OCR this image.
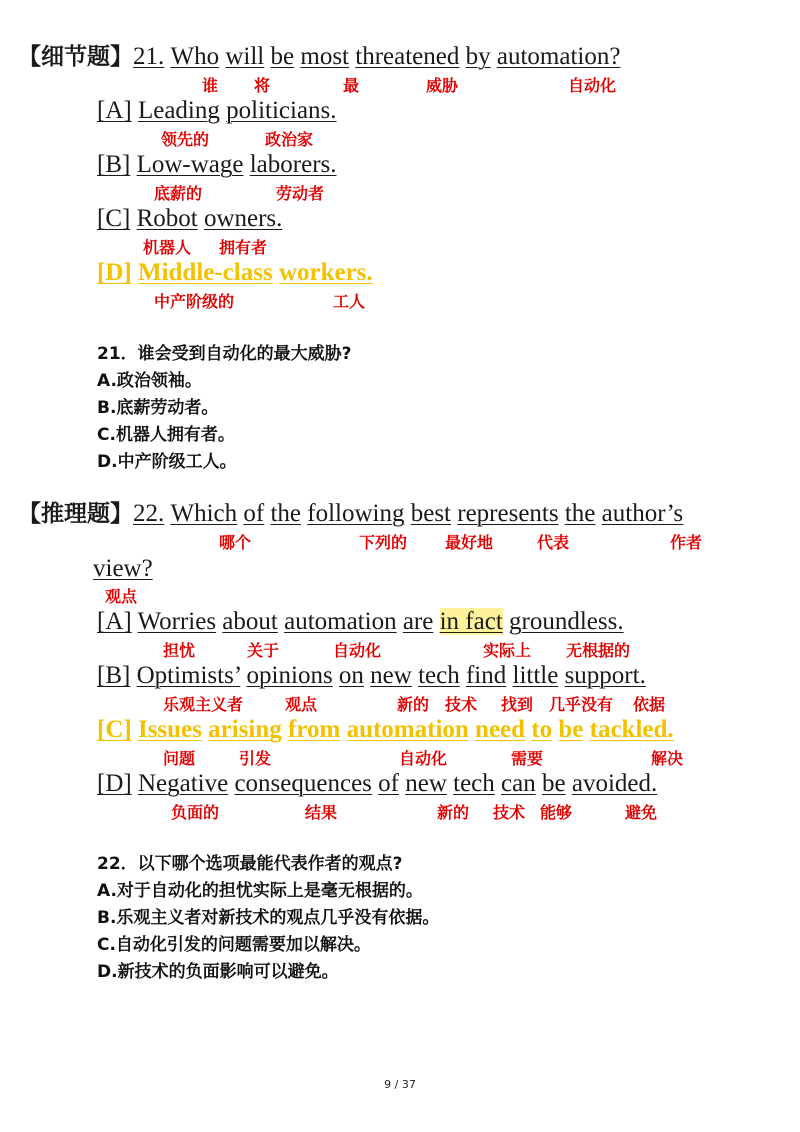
【细节题】21. Who will be most threatened by automation?
谁 将	最	威胁	自动化
[A] Leading politicians.
领先的	政治家
[B] Low-wage laborers.
底薪的	劳动者
[C] Robot owners.
机器人 拥有者
[D] Middle-class workers.
中产阶级的	工人
21．谁会受到自动化的最大威胁?
A.政治领袖。
B.底薪劳动者。
C.机器人拥有者。
D.中产阶级工人。
【推理题】22. Which of the following best represents the author’s
哪个	下列的 最好地	代表	作者
view?
观点
[A] Worries about automation are in fact groundless.
担忧	关于	自动化	实际上 无根据的
[B] Optimists’ opinions on new tech find little support.
乐观主义者	观点	新的 技术 找到 几乎没有 依据
[C] Issues arising from automation need to be tackled.
问题	引发	自动化	需要	解决
[D] Negative consequences of new tech can be avoided.
负面的	结果	新的 技术 能够	避免
22．以下哪个选项最能代表作者的观点?
A.对于自动化的担忧实际上是毫无根据的。
B.乐观主义者对新技术的观点几乎没有依据。
C.自动化引发的问题需要加以解决。
D.新技术的负面影响可以避免。
9 / 37
